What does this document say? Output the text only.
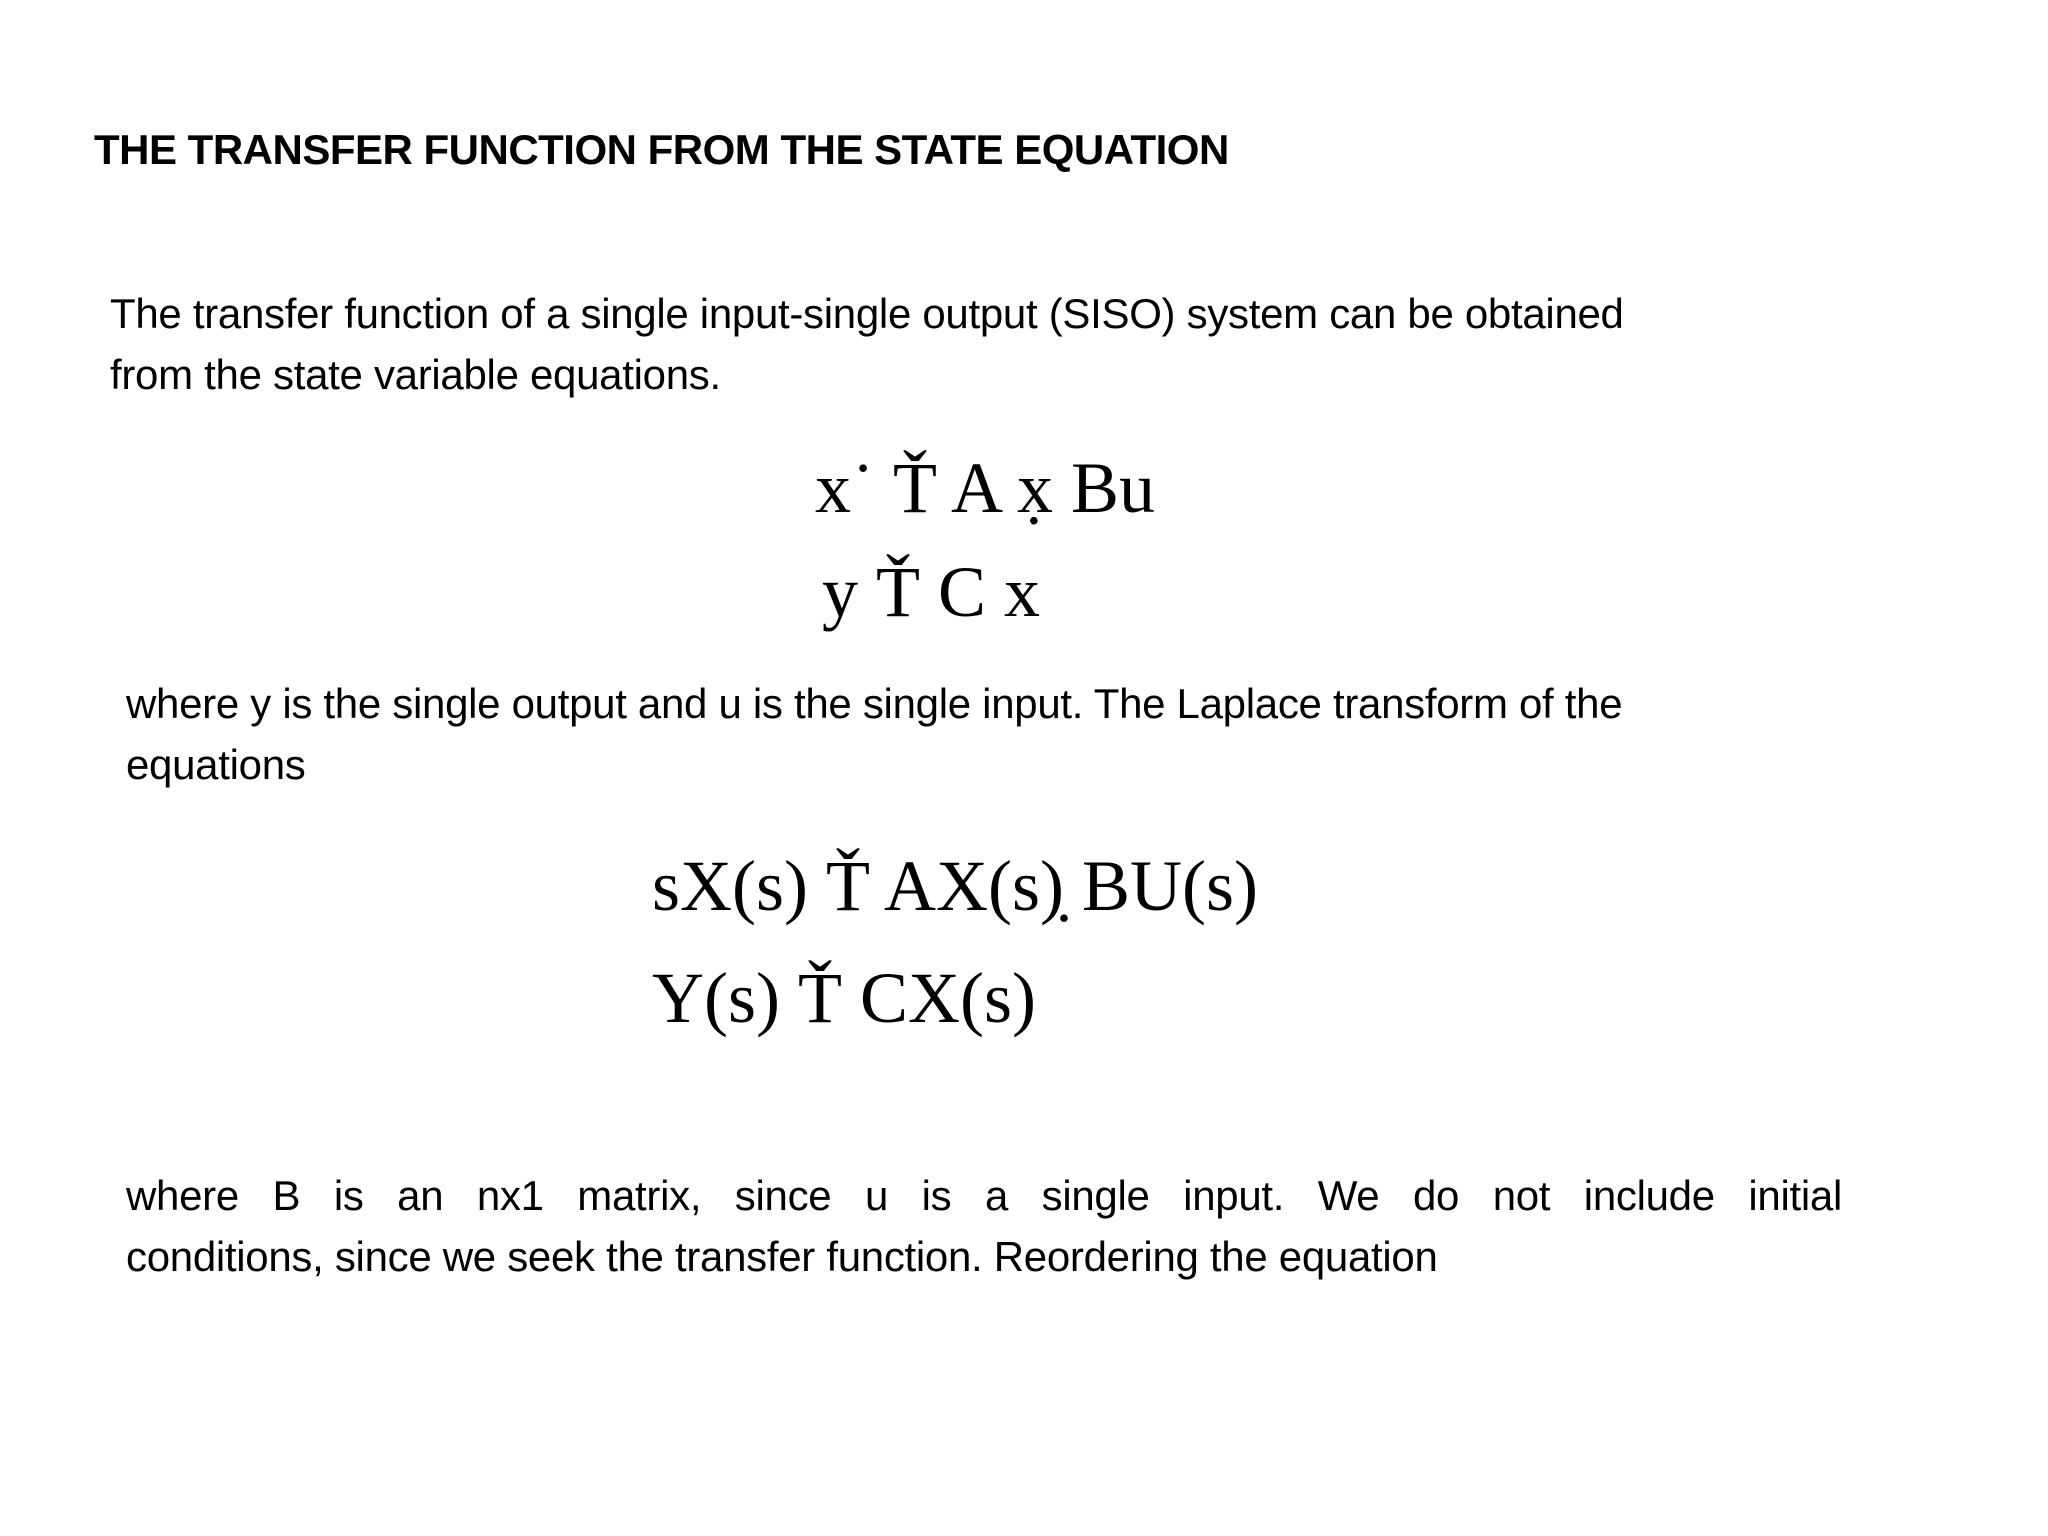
THE TRANSFER FUNCTION FROM THE STATE EQUATION
The transfer function of a single input-single output (SISO) system can be obtained
from the state variable equations.
x˙ Ť A x̣ Bu
y Ť C x
where y is the single output and u is the single input. The Laplace transform of the
equations
sX(s) Ť AX(s)̣ BU(s)
Y(s) Ť CX(s)
where B is an nx1 matrix, since u is a single input. We do not include initial
conditions, since we seek the transfer function. Reordering the equation
